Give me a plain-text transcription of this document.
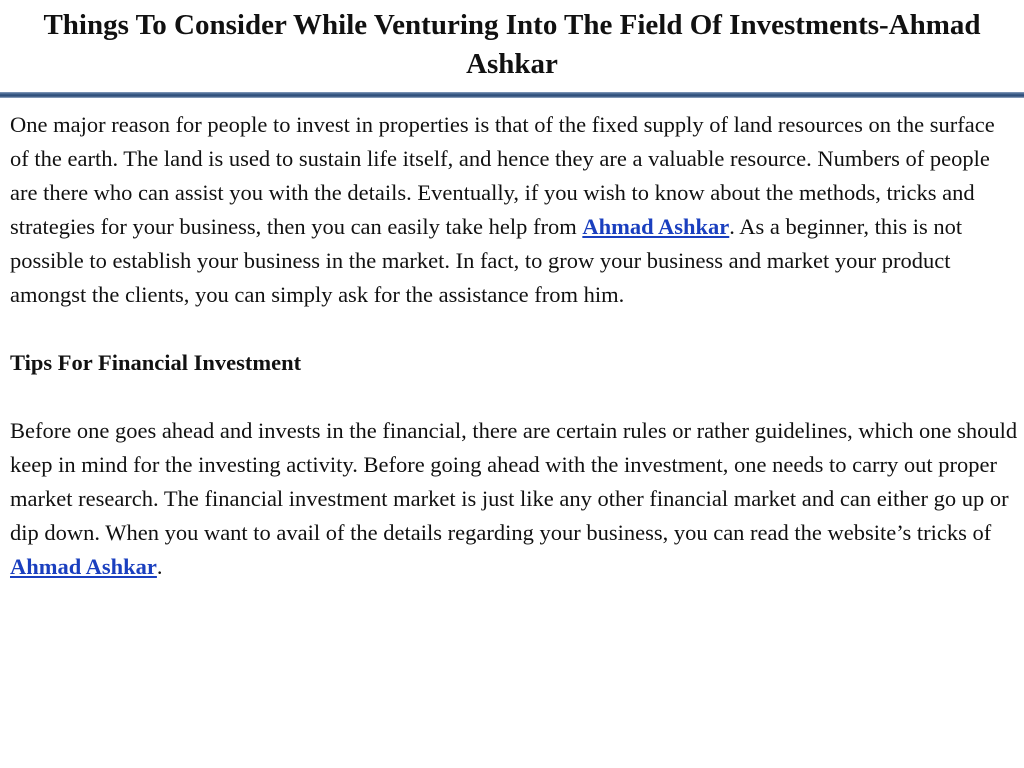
Things To Consider While Venturing Into The Field Of Investments-Ahmad Ashkar

One major reason for people to invest in properties is that of the fixed supply of land resources on the surface of the earth. The land is used to sustain life itself, and hence they are a valuable resource. Numbers of people are there who can assist you with the details. Eventually, if you wish to know about the methods, tricks and strategies for your business, then you can easily take help from Ahmad Ashkar. As a beginner, this is not possible to establish your business in the market. In fact, to grow your business and market your product amongst the clients, you can simply ask for the assistance from him.

Tips For Financial Investment

Before one goes ahead and invests in the financial, there are certain rules or rather guidelines, which one should keep in mind for the investing activity. Before going ahead with the investment, one needs to carry out proper market research. The financial investment market is just like any other financial market and can either go up or dip down. When you want to avail of the details regarding your business, you can read the website’s tricks of Ahmad Ashkar.
